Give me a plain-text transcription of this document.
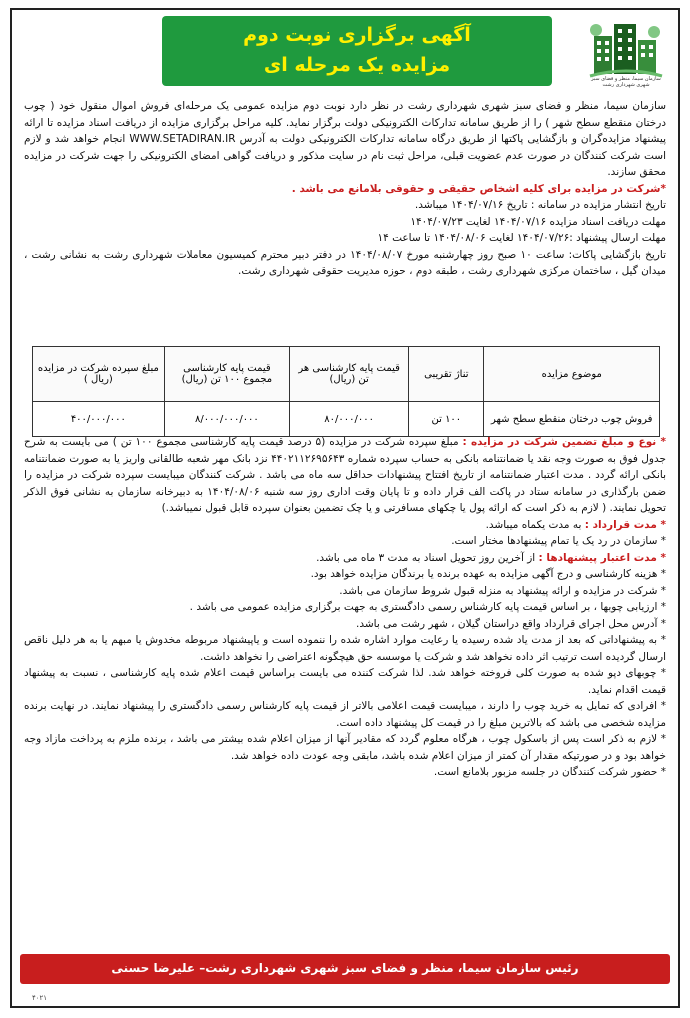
آگهی برگزاری نوبت دوم
مزایده یک مرحله ای
سازمان سیما، منظر و فضای سبز شهری شهرداری رشت
سازمان سیما، منظر و فضای سبز شهری شهرداری رشت در نظر دارد نوبت دوم مزایده عمومی یک مرحله‌ای فروش اموال منقول خود ( چوب درختان منقطع سطح شهر ) را از طریق سامانه تدارکات الکترونیکی دولت برگزار نماید. کلیه مراحل برگزاری مزایده از دریافت اسناد مزایده تا ارائه پیشنهاد مزایده‌گران و بازگشایی پاکتها از طریق درگاه سامانه تدارکات الکترونیکی دولت به آدرس WWW.SETADIRAN.IR انجام خواهد شد و لازم است شرکت کنندگان در صورت عدم عضویت قبلی، مراحل ثبت نام در سایت مذکور و دریافت گواهی امضای الکترونیکی را جهت شرکت در مزایده محقق سازند.
*شرکت در مزایده برای کلیه اشخاص حقیقی و حقوقی بلامانع می باشد .
تاریخ انتشار مزایده در سامانه : تاریخ ۱۴۰۴/۰۷/۱۶ میباشد.
مهلت دریافت اسناد مزایده ۱۴۰۴/۰۷/۱۶ لغایت ۱۴۰۴/۰۷/۲۳
مهلت ارسال پیشنهاد :۱۴۰۴/۰۷/۲۶ لغایت ۱۴۰۴/۰۸/۰۶ تا ساعت ۱۴
تاریخ بازگشایی پاکات: ساعت ۱۰ صبح روز چهارشنبه مورخ ۱۴۰۴/۰۸/۰۷ در دفتر دبیر محترم کمیسیون معاملات شهرداری رشت به نشانی رشت ، میدان گیل ، ساختمان مرکزی شهرداری رشت ، طبقه دوم ، حوزه مدیریت حقوقی شهرداری رشت.
موضوع مزایده	تناژ تقریبی	قیمت پایه کارشناسی هر تن (ریال)	قیمت پایه کارشناسی مجموع ۱۰۰ تن (ریال)	مبلغ سپرده شرکت در مزایده (ریال )
فروش چوب درختان منقطع سطح شهر	۱۰۰ تن	۸۰/۰۰۰/۰۰۰	۸/۰۰۰/۰۰۰/۰۰۰	۴۰۰/۰۰۰/۰۰۰
* نوع و مبلغ تضمین شرکت در مزایده : مبلغ سپرده شرکت در مزایده (۵ درصد قیمت پایه کارشناسی مجموع ۱۰۰ تن ) می بایست به شرح جدول فوق به صورت وجه نقد یا ضمانتنامه بانکی به حساب سپرده شماره ۴۴۰۲۱۱۲۶۹۵۶۴۳ نزد بانک مهر شعبه طالقانی واریز یا به صورت ضمانتنامه بانکی ارائه گردد . مدت اعتبار ضمانتنامه از تاریخ افتتاح پیشنهادات حداقل سه ماه می باشد . شرکت کنندگان میبایست سپرده شرکت در مزایده را ضمن بارگذاری در سامانه ستاد در پاکت الف قرار داده و تا پایان وقت اداری روز سه شنبه ۱۴۰۴/۰۸/۰۶ به دبیرخانه سازمان به نشانی فوق الذکر تحویل نمایند. ( لازم به ذکر است که ارائه پول یا چکهای مسافرتی و یا چک تضمین بعنوان سپرده قابل قبول نمیباشد.)
* مدت قرارداد : به مدت یکماه میباشد.
* سازمان در رد یک یا تمام پیشنهادها مختار است.
* مدت اعتبار پیشنهادها : از آخرین روز تحویل اسناد به مدت ۳ ماه می باشد.
* هزینه کارشناسی و درج آگهی مزایده به عهده برنده یا برندگان مزایده خواهد بود.
* شرکت در مزایده و ارائه پیشنهاد به منزله قبول شروط سازمان می باشد.
* ارزیابی چوبها ، بر اساس قیمت پایه کارشناس رسمی دادگستری به جهت برگزاری مزایده عمومی می باشد .
* آدرس محل اجرای قرارداد واقع دراستان گیلان ، شهر رشت می باشد.
* به پیشنهاداتی که بعد از مدت یاد شده رسیده یا رعایت موارد اشاره شده را ننموده است و یاپیشنهاد مربوطه مخدوش یا مبهم یا به هر دلیل ناقص ارسال گردیده است ترتیب اثر داده نخواهد شد و شرکت یا موسسه حق هیچگونه اعتراضی را نخواهد داشت.
* چوبهای دپو شده به صورت کلی فروخته خواهد شد. لذا شرکت کننده می بایست براساس قیمت اعلام شده پایه کارشناسی ، نسبت به پیشنهاد قیمت اقدام نماید.
* افرادی که تمایل به خرید چوب را دارند ، میبایست قیمت اعلامی بالاتر از قیمت پایه کارشناس رسمی دادگستری را پیشنهاد نمایند. در نهایت برنده مزایده شخصی می باشد که بالاترین مبلغ را در قیمت کل پیشنهاد داده است.
* لازم به ذکر است پس از باسکول چوب ، هرگاه معلوم گردد که مقادیر آنها از میزان اعلام شده بیشتر می باشد ، برنده ملزم به پرداخت مازاد وجه خواهد بود و در صورتیکه مقدار آن کمتر از میزان اعلام شده باشد، مابقی وجه عودت داده خواهد شد.
* حضور شرکت کنندگان در جلسه مزبور بلامانع است.
رئیس سازمان سیما، منظر و فضای سبز شهری شهرداری رشت– علیرضا حسنی
۴۰۲۱
